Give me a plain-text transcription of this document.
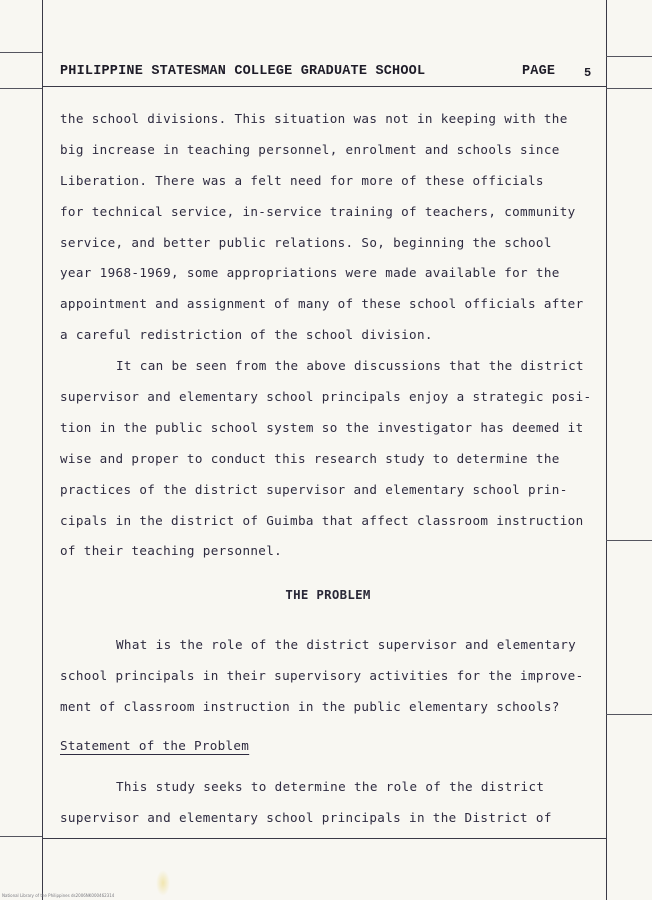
PHILIPPINE STATESMAN COLLEGE GRADUATE SCHOOL	PAGE 5
the school divisions. This situation was not in keeping with the
big increase in teaching personnel, enrolment and schools since
Liberation. There was a felt need for more of these officials
for technical service, in-service training of teachers, community
service, and better public relations. So, beginning the school
year 1968-1969, some appropriations were made available for the
appointment and assignment of many of these school officials after
a careful redistriction of the school division.
It can be seen from the above discussions that the district
supervisor and elementary school principals enjoy a strategic posi-
tion in the public school system so the investigator has deemed it
wise and proper to conduct this research study to determine the
practices of the district supervisor and elementary school prin-
cipals in the district of Guimba that affect classroom instruction
of their teaching personnel.
THE PROBLEM
What is the role of the district supervisor and elementary
school principals in their supervisory activities for the improve-
ment of classroom instruction in the public elementary schools?
Statement of the Problem
This study seeks to determine the role of the district
supervisor and elementary school principals in the District of
National Library of the Philippines ds2006NK000462314
